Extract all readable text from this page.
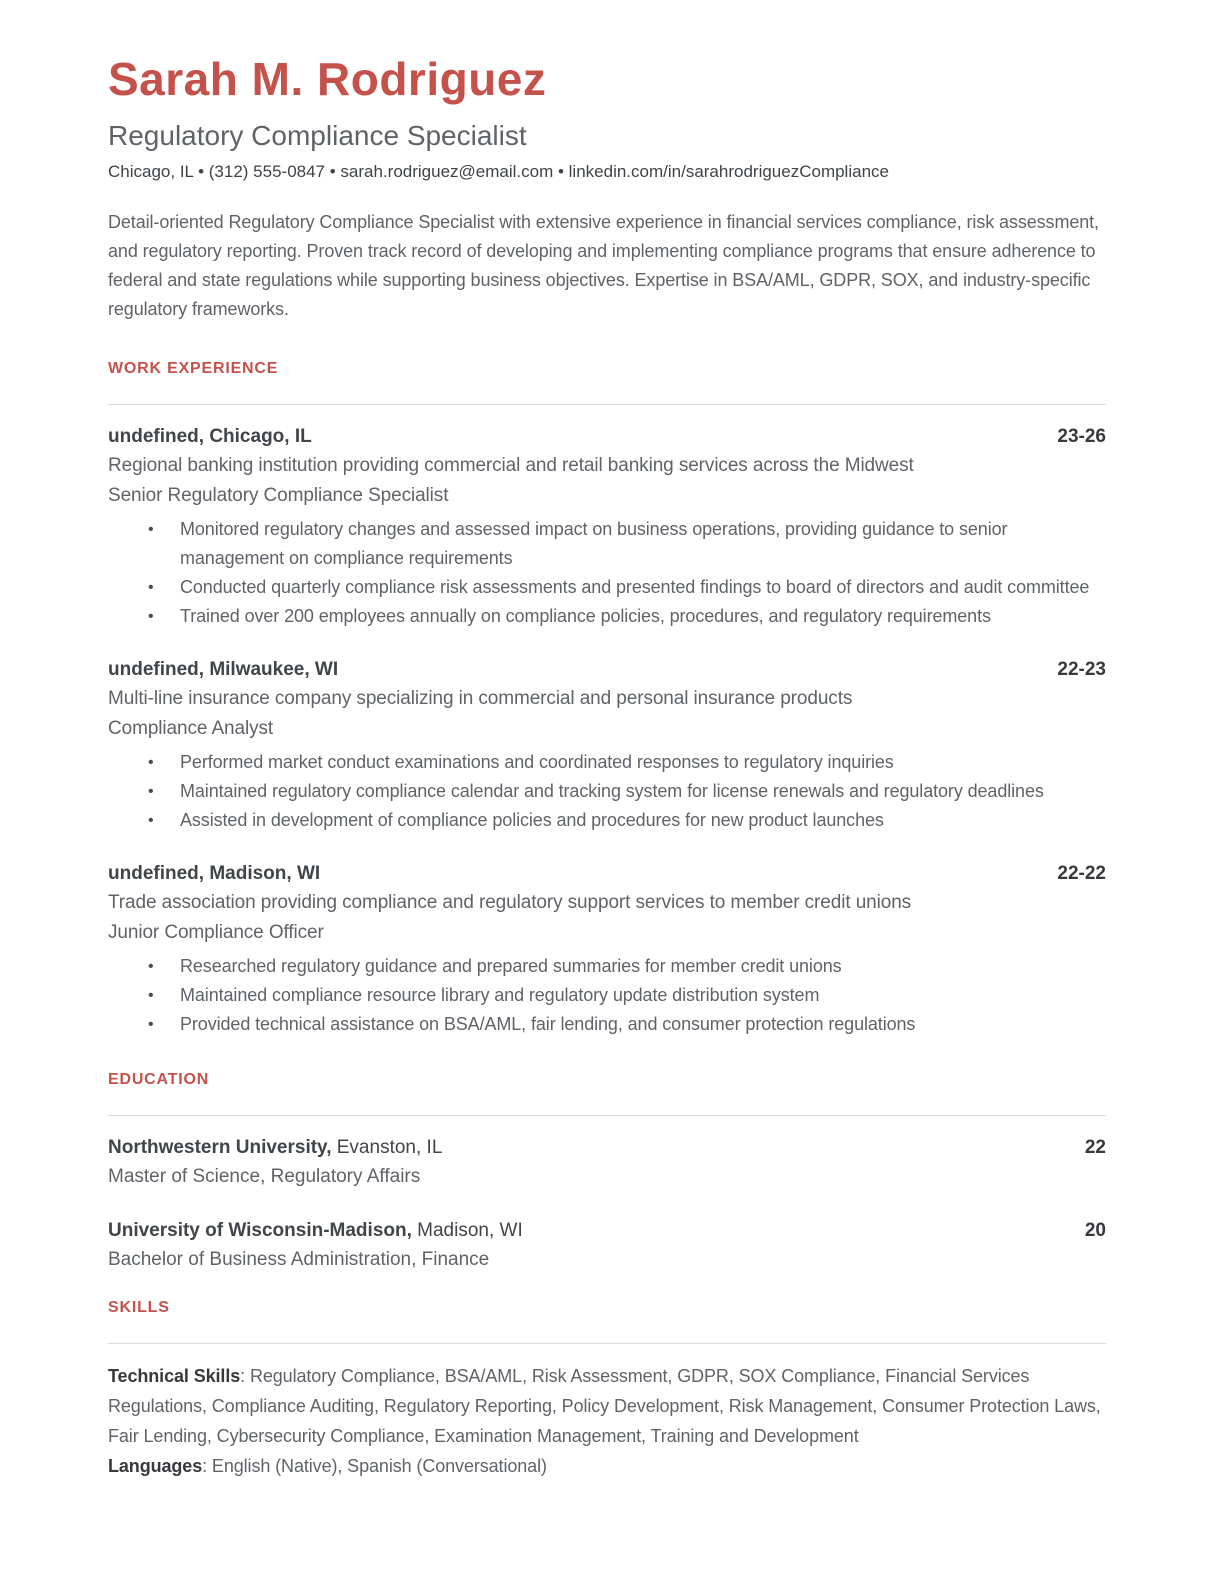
Sarah M. Rodriguez
Regulatory Compliance Specialist
Chicago, IL • (312) 555-0847 • sarah.rodriguez@email.com • linkedin.com/in/sarahrodriguezCompliance

Detail-oriented Regulatory Compliance Specialist with extensive experience in financial services compliance, risk assessment, and regulatory reporting. Proven track record of developing and implementing compliance programs that ensure adherence to federal and state regulations while supporting business objectives. Expertise in BSA/AML, GDPR, SOX, and industry-specific regulatory frameworks.

WORK EXPERIENCE
undefined, Chicago, IL	23-26
Regional banking institution providing commercial and retail banking services across the Midwest
Senior Regulatory Compliance Specialist
•	Monitored regulatory changes and assessed impact on business operations, providing guidance to senior management on compliance requirements
•	Conducted quarterly compliance risk assessments and presented findings to board of directors and audit committee
•	Trained over 200 employees annually on compliance policies, procedures, and regulatory requirements
undefined, Milwaukee, WI	22-23
Multi-line insurance company specializing in commercial and personal insurance products
Compliance Analyst
•	Performed market conduct examinations and coordinated responses to regulatory inquiries
•	Maintained regulatory compliance calendar and tracking system for license renewals and regulatory deadlines
•	Assisted in development of compliance policies and procedures for new product launches
undefined, Madison, WI	22-22
Trade association providing compliance and regulatory support services to member credit unions
Junior Compliance Officer
•	Researched regulatory guidance and prepared summaries for member credit unions
•	Maintained compliance resource library and regulatory update distribution system
•	Provided technical assistance on BSA/AML, fair lending, and consumer protection regulations
EDUCATION
Northwestern University, Evanston, IL	22
Master of Science, Regulatory Affairs
University of Wisconsin-Madison, Madison, WI	20
Bachelor of Business Administration, Finance
SKILLS

Technical Skills: Regulatory Compliance, BSA/AML, Risk Assessment, GDPR, SOX Compliance, Financial Services Regulations, Compliance Auditing, Regulatory Reporting, Policy Development, Risk Management, Consumer Protection Laws, Fair Lending, Cybersecurity Compliance, Examination Management, Training and Development

Languages: English (Native), Spanish (Conversational)
